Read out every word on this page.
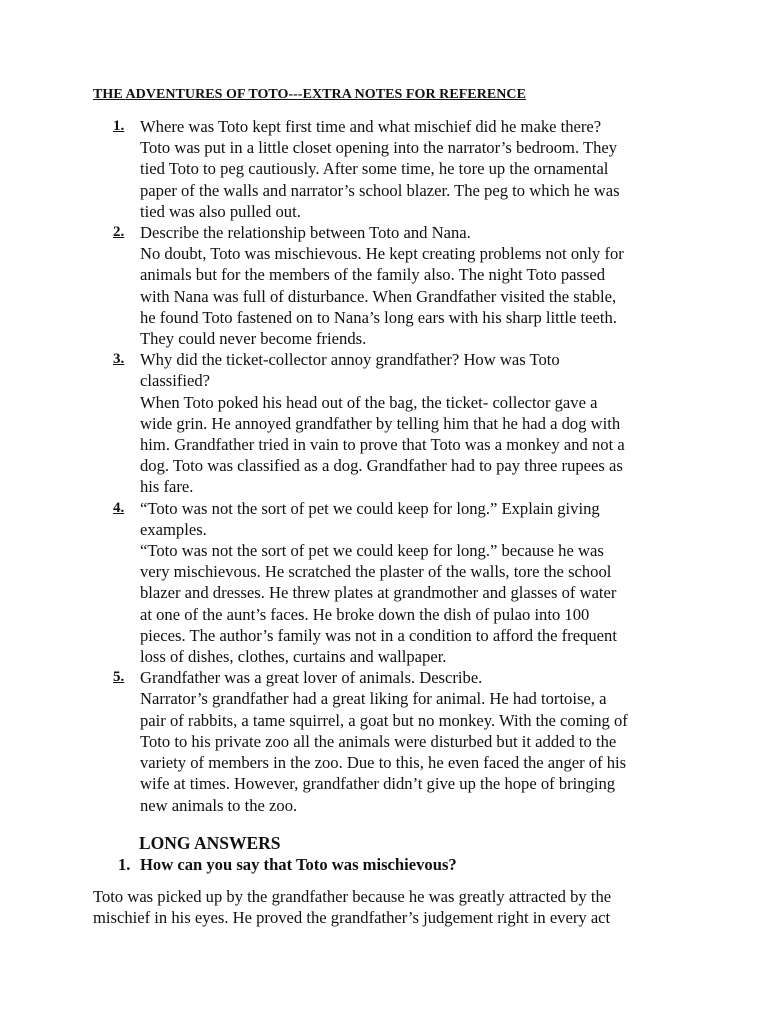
THE ADVENTURES OF TOTO---EXTRA NOTES FOR REFERENCE
1. Where was Toto kept first time and what mischief did he make there?
Toto was put in a little closet opening into the narrator’s bedroom. They
tied Toto to peg cautiously. After some time, he tore up the ornamental
paper of the walls and narrator’s school blazer. The peg to which he was
tied was also pulled out.
2. Describe the relationship between Toto and Nana.
No doubt, Toto was mischievous. He kept creating problems not only for
animals but for the members of the family also. The night Toto passed
with Nana was full of disturbance. When Grandfather visited the stable,
he found Toto fastened on to Nana’s long ears with his sharp little teeth.
They could never become friends.
3. Why did the ticket-collector annoy grandfather? How was Toto
classified?
When Toto poked his head out of the bag, the ticket- collector gave a
wide grin. He annoyed grandfather by telling him that he had a dog with
him. Grandfather tried in vain to prove that Toto was a monkey and not a
dog. Toto was classified as a dog. Grandfather had to pay three rupees as
his fare.
4. “Toto was not the sort of pet we could keep for long.” Explain giving
examples.
“Toto was not the sort of pet we could keep for long.” because he was
very mischievous. He scratched the plaster of the walls, tore the school
blazer and dresses. He threw plates at grandmother and glasses of water
at one of the aunt’s faces. He broke down the dish of pulao into 100
pieces. The author’s family was not in a condition to afford the frequent
loss of dishes, clothes, curtains and wallpaper.
5. Grandfather was a great lover of animals. Describe.
Narrator’s grandfather had a great liking for animal. He had tortoise, a
pair of rabbits, a tame squirrel, a goat but no monkey. With the coming of
Toto to his private zoo all the animals were disturbed but it added to the
variety of members in the zoo. Due to this, he even faced the anger of his
wife at times. However, grandfather didn’t give up the hope of bringing
new animals to the zoo.
LONG ANSWERS
1. How can you say that Toto was mischievous?
Toto was picked up by the grandfather because he was greatly attracted by the
mischief in his eyes. He proved the grandfather’s judgement right in every act
